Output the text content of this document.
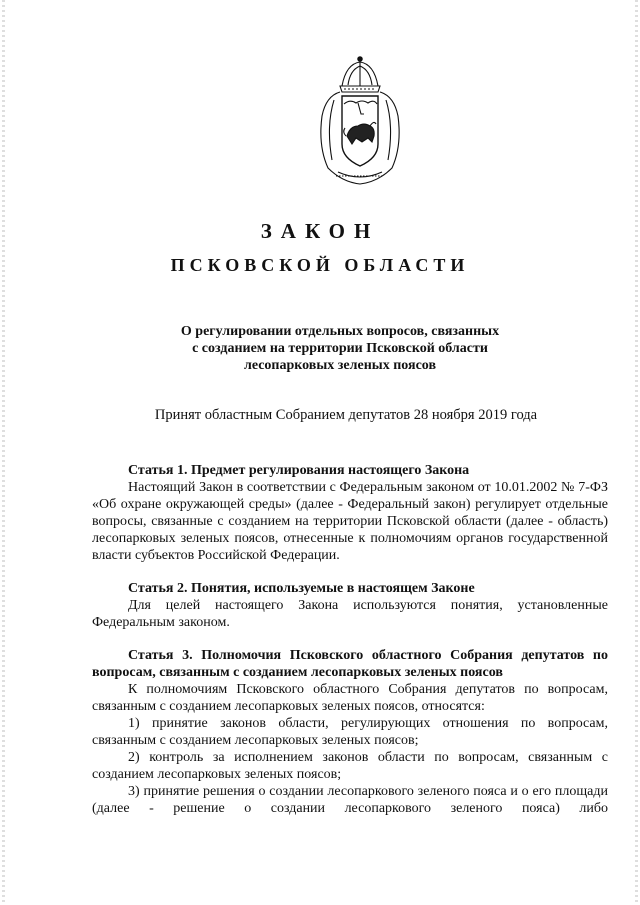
ЗАКОН
ПСКОВСКОЙ ОБЛАСТИ
О регулировании отдельных вопросов, связанных
с созданием на территории Псковской области
лесопарковых зеленых поясов
Принят областным Собранием депутатов 28 ноября 2019 года

Статья 1. Предмет регулирования настоящего Закона

Настоящий Закон в соответствии с Федеральным законом от 10.01.2002 № 7-ФЗ «Об охране окружающей среды» (далее - Федеральный закон) регулирует отдельные вопросы, связанные с созданием на территории Псковской области (далее - область) лесопарковых зеленых поясов, отнесенные к полномочиям органов государственной власти субъектов Российской Федерации.

Статья 2. Понятия, используемые в настоящем Законе

Для целей настоящего Закона используются понятия, установленные Федеральным законом.

Статья 3. Полномочия Псковского областного Собрания депутатов по вопросам, связанным с созданием лесопарковых зеленых поясов

К полномочиям Псковского областного Собрания депутатов по вопросам, связанным с созданием лесопарковых зеленых поясов, относятся:

1) принятие законов области, регулирующих отношения по вопросам, связанным с созданием лесопарковых зеленых поясов;

2) контроль за исполнением законов области по вопросам, связанным с созданием лесопарковых зеленых поясов;

3) принятие решения о создании лесопаркового зеленого пояса и о его площади (далее - решение о создании лесопаркового зеленого пояса) либо
